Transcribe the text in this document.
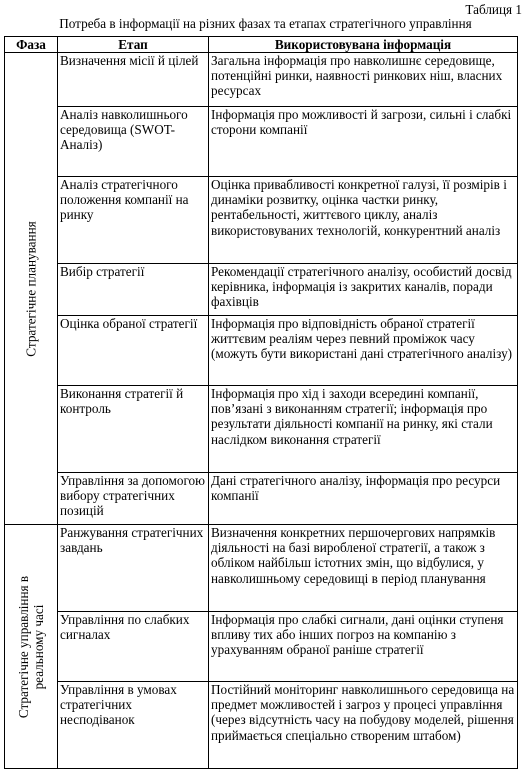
Таблиця 1
Потреба в інформації на різних фазах та етапах стратегічного управління
Фаза	Етап	Використовувана інформація

Стратегічне планування	Визначення місії й цілей	Загальна інформація про навколишнє середовище, потенційні ринки, наявності ринкових ніш, власних ресурсах
	Аналіз навколишнього середовища (SWOT-Аналіз)	Інформація про можливості й загрози, сильні і слабкі сторони компанії
	Аналіз стратегічного положення компанії на ринку	Оцінка привабливості конкретної галузі, її розмірів і динаміки розвитку, оцінка частки ринку, рентабельності, життєвого циклу, аналіз використовуваних технологій, конкурентний аналіз
	Вибір стратегії	Рекомендації стратегічного аналізу, особистий досвід керівника, інформація із закритих каналів, поради фахівців
	Оцінка обраної стратегії	Інформація про відповідність обраної стратегії життєвим реаліям через певний проміжок часу (можуть бути використані дані стратегічного аналізу)
	Виконання стратегії й контроль	Інформація про хід і заходи всередині компанії, пов’язані з виконанням стратегії; інформація про результати діяльності компанії на ринку, які стали наслідком виконання стратегії
	Управління за допомогою вибору стратегічних позицій	Дані стратегічного аналізу, інформація про ресурси компанії

Стратегічне управління в
реальному часі	Ранжування стратегічних завдань	Визначення конкретних першочергових напрямків діяльності на базі виробленої стратегії, а також з обліком найбільш істотних змін, що відбулися, у навколишньому середовищі в період планування
	Управління по слабких сигналах	Інформація про слабкі сигнали, дані оцінки ступеня впливу тих або інших погроз на компанію з урахуванням обраної раніше стратегії
	Управління в умовах стратегічних несподіванок	Постійний моніторинг навколишнього середовища на предмет можливостей і загроз у процесі управління (через відсутність часу на побудову моделей, рішення приймається спеціально створеним штабом)
